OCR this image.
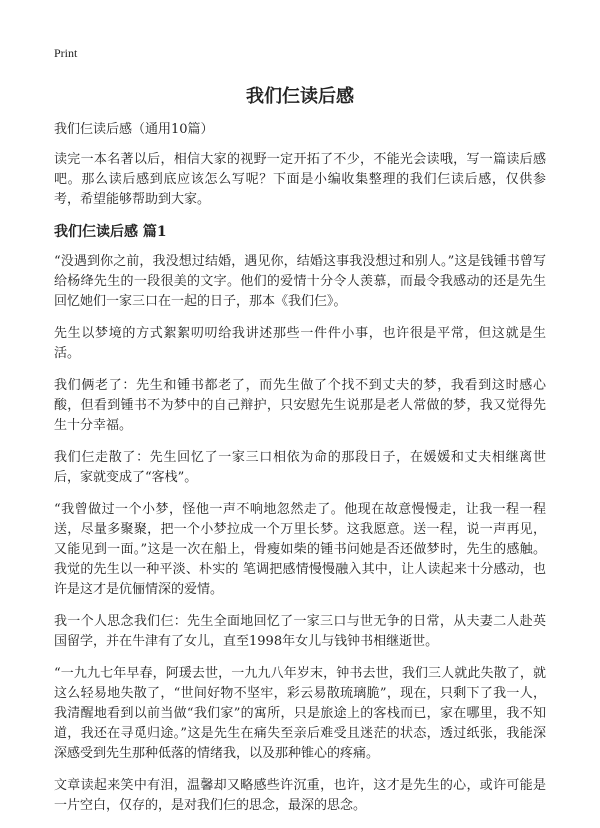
Print
我们仨读后感

我们仨读后感（通用10篇）

读完一本名著以后，相信大家的视野一定开拓了不少，不能光会读哦，写一篇读后感吧。那么读后感到底应该怎么写呢？下面是小编收集整理的我们仨读后感，仅供参考，希望能够帮助到大家。

我们仨读后感 篇1

“没遇到你之前，我没想过结婚，遇见你，结婚这事我没想过和别人。”这是钱锺书曾写给杨绛先生的一段很美的文字。他们的爱情十分令人羡慕，而最令我感动的还是先生回忆她们一家三口在一起的日子，那本《我们仨》。

先生以梦境的方式絮絮叨叨给我讲述那些一件件小事，也许很是平常，但这就是生活。

我们俩老了：先生和锺书都老了，而先生做了个找不到丈夫的梦，我看到这时感心酸，但看到锺书不为梦中的自己辩护，只安慰先生说那是老人常做的梦，我又觉得先生十分幸福。

我们仨走散了：先生回忆了一家三口相依为命的那段日子，在媛媛和丈夫相继离世后，家就变成了“客栈”。

“我曾做过一个小梦，怪他一声不响地忽然走了。他现在故意慢慢走，让我一程一程送，尽量多聚聚，把一个小梦拉成一个万里长梦。这我愿意。送一程，说一声再见，又能见到一面。”这是一次在船上，骨瘦如柴的锺书问她是否还做梦时，先生的感触。我觉的先生以一种平淡、朴实的 笔调把感情慢慢融入其中，让人读起来十分感动，也许是这才是伉俪情深的爱情。

我一个人思念我们仨：先生全面地回忆了一家三口与世无争的日常，从夫妻二人赴英国留学，并在牛津有了女儿，直至1998年女儿与钱钟书相继逝世。

“一九九七年早春，阿瑗去世，一九九八年岁末，钟书去世，我们三人就此失散了，就这么轻易地失散了，“世间好物不坚牢，彩云易散琉璃脆”，现在，只剩下了我一人，我清醒地看到以前当做“我们家”的寓所，只是旅途上的客栈而已，家在哪里，我不知道，我还在寻觅归途。”这是先生在痛失至亲后难受且迷茫的状态，透过纸张，我能深深感受到先生那种低落的情绪我，以及那种锥心的疼痛。

文章读起来笑中有泪，温馨却又略感些许沉重，也许，这才是先生的心，或许可能是一片空白，仅存的，是对我们仨的思念，最深的思念。
